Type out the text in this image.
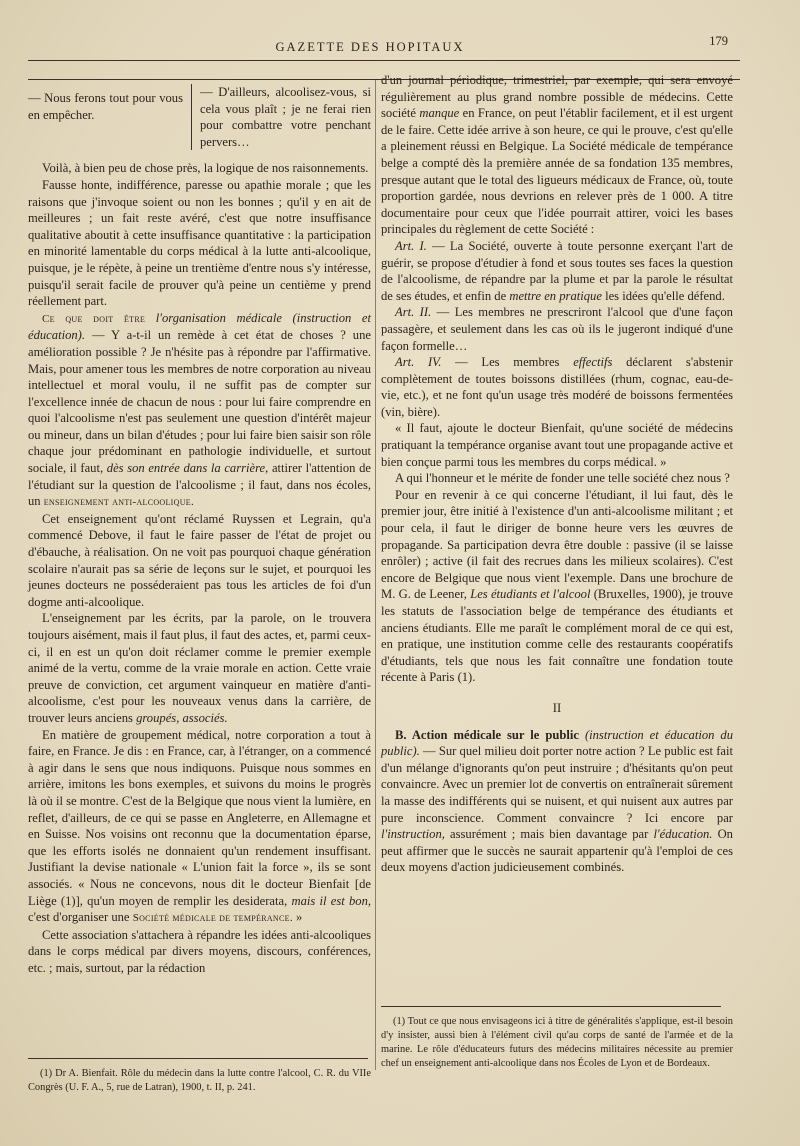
GAZETTE DES HOPITAUX	179
— Nous ferons tout pour vous en empêcher.
— D'ailleurs, alcoolisez-vous, si cela vous plaît ; je ne ferai rien pour combattre votre penchant pervers…

Voilà, à bien peu de chose près, la logique de nos raisonnements.

Fausse honte, indifférence, paresse ou apathie morale ; que les raisons que j'invoque soient ou non les bonnes ; qu'il y en ait de meilleures ; un fait reste avéré, c'est que notre insuffisance qualitative aboutit à cette insuffisance quantitative : la participation en minorité lamentable du corps médical à la lutte anti-alcoolique, puisque, je le répète, à peine un trentième d'entre nous s'y intéresse, puisqu'il serait facile de prouver qu'à peine un centième y prend réellement part.

Ce que doit être l'organisation médicale (instruction et éducation). — Y a-t-il un remède à cet état de choses ? une amélioration possible ? Je n'hésite pas à répondre par l'affirmative. Mais, pour amener tous les membres de notre corporation au niveau intellectuel et moral voulu, il ne suffit pas de compter sur l'excellence innée de chacun de nous : pour lui faire comprendre en quoi l'alcoolisme n'est pas seulement une question d'intérêt majeur ou mineur, dans un bilan d'études ; pour lui faire bien saisir son rôle chaque jour prédominant en pathologie individuelle, et surtout sociale, il faut, dès son entrée dans la carrière, attirer l'attention de l'étudiant sur la question de l'alcoolisme ; il faut, dans nos écoles, un enseignement anti-alcoolique.

Cet enseignement qu'ont réclamé Ruyssen et Legrain, qu'a commencé Debove, il faut le faire passer de l'état de projet ou d'ébauche, à réalisation. On ne voit pas pourquoi chaque génération scolaire n'aurait pas sa série de leçons sur le sujet, et pourquoi les jeunes docteurs ne posséderaient pas tous les articles de foi d'un dogme anti-alcoolique.

L'enseignement par les écrits, par la parole, on le trouvera toujours aisément, mais il faut plus, il faut des actes, et, parmi ceux-ci, il en est un qu'on doit réclamer comme le premier exemple animé de la vertu, comme de la vraie morale en action. Cette vraie preuve de conviction, cet argument vainqueur en matière d'anti-alcoolisme, c'est pour les nouveaux venus dans la carrière, de trouver leurs anciens groupés, associés.

En matière de groupement médical, notre corporation a tout à faire, en France. Je dis : en France, car, à l'étranger, on a commencé à agir dans le sens que nous indiquons. Puisque nous sommes en arrière, imitons les bons exemples, et suivons du moins le progrès là où il se montre. C'est de la Belgique que nous vient la lumière, en reflet, d'ailleurs, de ce qui se passe en Angleterre, en Allemagne et en Suisse. Nos voisins ont reconnu que la documentation éparse, que les efforts isolés ne donnaient qu'un rendement insuffisant. Justifiant la devise nationale « L'union fait la force », ils se sont associés. « Nous ne concevons, nous dit le docteur Bienfait [de Liège (1)], qu'un moyen de remplir les desiderata, mais il est bon, c'est d'organiser une Société médicale de tempérance. »

Cette association s'attachera à répandre les idées anti-alcooliques dans le corps médical par divers moyens, discours, conférences, etc. ; mais, surtout, par la rédaction

(1) Dr A. Bienfait. Rôle du médecin dans la lutte contre l'alcool, C. R. du VIIe Congrès (U. F. A., 5, rue de Latran), 1900, t. II, p. 241.

d'un journal périodique, trimestriel, par exemple, qui sera envoyé régulièrement au plus grand nombre possible de médecins. Cette société manque en France, on peut l'établir facilement, et il est urgent de le faire. Cette idée arrive à son heure, ce qui le prouve, c'est qu'elle a pleinement réussi en Belgique. La Société médicale de tempérance belge a compté dès la première année de sa fondation 135 membres, presque autant que le total des ligueurs médicaux de France, où, toute proportion gardée, nous devrions en relever près de 1 000. A titre documentaire pour ceux que l'idée pourrait attirer, voici les bases principales du règlement de cette Société :

Art. I. — La Société, ouverte à toute personne exerçant l'art de guérir, se propose d'étudier à fond et sous toutes ses faces la question de l'alcoolisme, de répandre par la plume et par la parole le résultat de ses études, et enfin de mettre en pratique les idées qu'elle défend.

Art. II. — Les membres ne prescriront l'alcool que d'une façon passagère, et seulement dans les cas où ils le jugeront indiqué d'une façon formelle…

Art. IV. — Les membres effectifs déclarent s'abstenir complètement de toutes boissons distillées (rhum, cognac, eau-de-vie, etc.), et ne font qu'un usage très modéré de boissons fermentées (vin, bière).

« Il faut, ajoute le docteur Bienfait, qu'une société de médecins pratiquant la tempérance organise avant tout une propagande active et bien conçue parmi tous les membres du corps médical. »

A qui l'honneur et le mérite de fonder une telle société chez nous ?

Pour en revenir à ce qui concerne l'étudiant, il lui faut, dès le premier jour, être initié à l'existence d'un anti-alcoolisme militant ; et pour cela, il faut le diriger de bonne heure vers les œuvres de propagande. Sa participation devra être double : passive (il se laisse enrôler) ; active (il fait des recrues dans les milieux scolaires). C'est encore de Belgique que nous vient l'exemple. Dans une brochure de M. G. de Leener, Les étudiants et l'alcool (Bruxelles, 1900), je trouve les statuts de l'association belge de tempérance des étudiants et anciens étudiants. Elle me paraît le complément moral de ce qui est, en pratique, une institution comme celle des restaurants coopératifs d'étudiants, tels que nous les fait connaître une fondation toute récente à Paris (1).

II

B. Action médicale sur le public (instruction et éducation du public). — Sur quel milieu doit porter notre action ? Le public est fait d'un mélange d'ignorants qu'on peut instruire ; d'hésitants qu'on peut convaincre. Avec un premier lot de convertis on entraînerait sûrement la masse des indifférents qui se nuisent, et qui nuisent aux autres par pure inconscience. Comment convaincre ? Ici encore par l'instruction, assurément ; mais bien davantage par l'éducation. On peut affirmer que le succès ne saurait appartenir qu'à l'emploi de ces deux moyens d'action judicieusement combinés.

(1) Tout ce que nous envisageons ici à titre de généralités s'applique, est-il besoin d'y insister, aussi bien à l'élément civil qu'au corps de santé de l'armée et de la marine. Le rôle d'éducateurs futurs des médecins militaires nécessite au premier chef un enseignement anti-alcoolique dans nos Écoles de Lyon et de Bordeaux.
